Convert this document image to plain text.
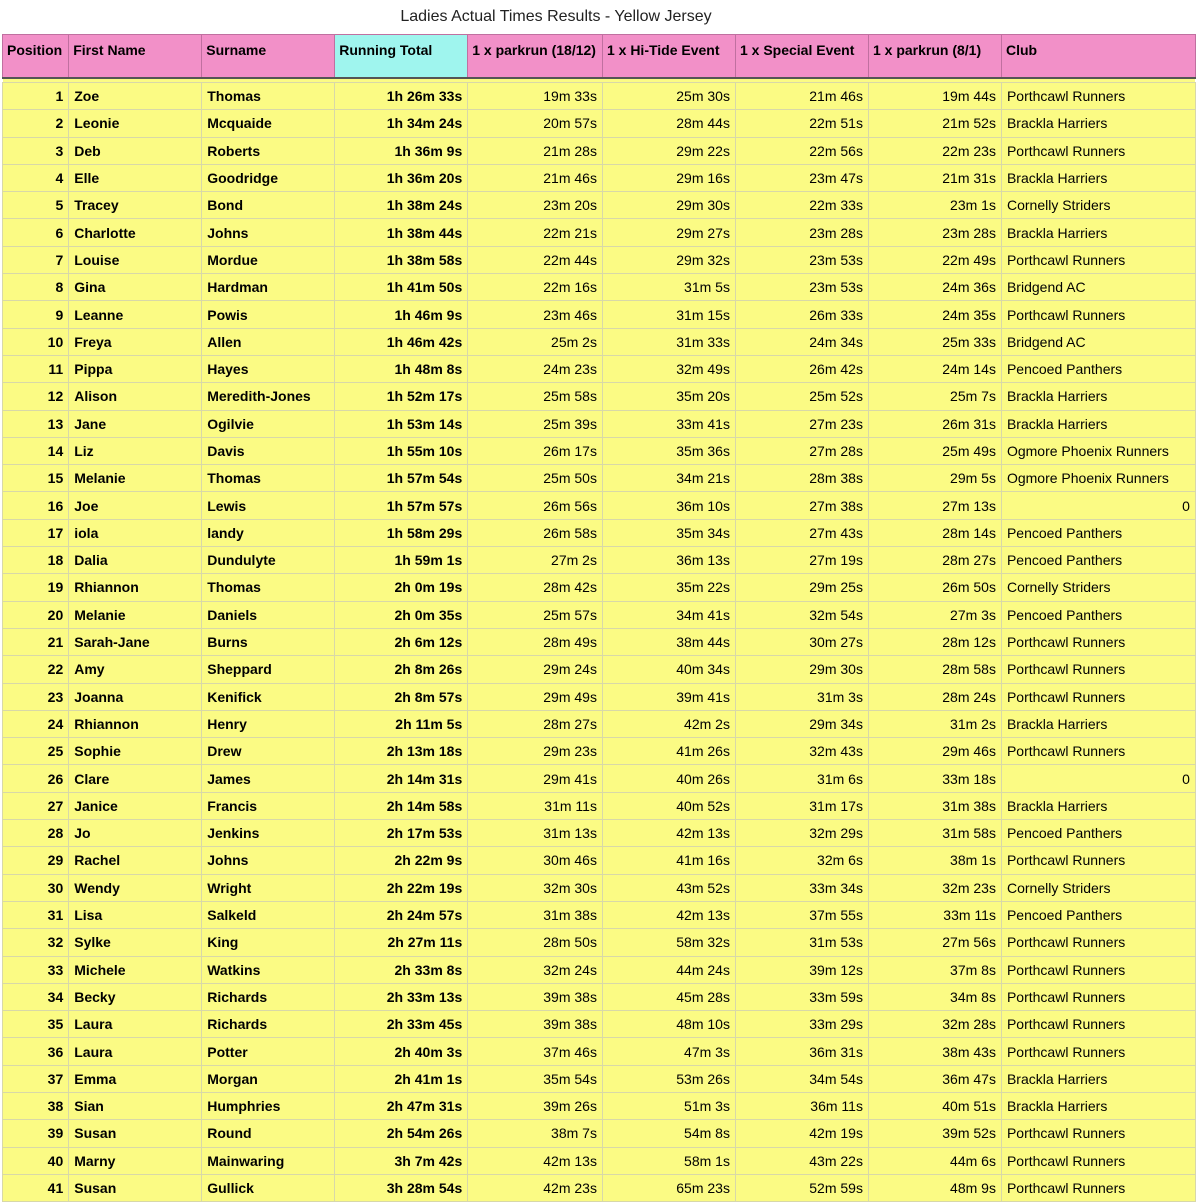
Ladies Actual Times Results - Yellow Jersey
Position	First Name	Surname	Running Total	1 x parkrun (18/12)	1 x Hi-Tide Event	1 x Special Event	1 x parkrun (8/1)	Club

1	Zoe	Thomas	1h 26m 33s	19m 33s	25m 30s	21m 46s	19m 44s	Porthcawl Runners
2	Leonie	Mcquaide	1h 34m 24s	20m 57s	28m 44s	22m 51s	21m 52s	Brackla Harriers
3	Deb	Roberts	1h 36m 9s	21m 28s	29m 22s	22m 56s	22m 23s	Porthcawl Runners
4	Elle	Goodridge	1h 36m 20s	21m 46s	29m 16s	23m 47s	21m 31s	Brackla Harriers
5	Tracey	Bond	1h 38m 24s	23m 20s	29m 30s	22m 33s	23m 1s	Cornelly Striders
6	Charlotte	Johns	1h 38m 44s	22m 21s	29m 27s	23m 28s	23m 28s	Brackla Harriers
7	Louise	Mordue	1h 38m 58s	22m 44s	29m 32s	23m 53s	22m 49s	Porthcawl Runners
8	Gina	Hardman	1h 41m 50s	22m 16s	31m 5s	23m 53s	24m 36s	Bridgend AC
9	Leanne	Powis	1h 46m 9s	23m 46s	31m 15s	26m 33s	24m 35s	Porthcawl Runners
10	Freya	Allen	1h 46m 42s	25m 2s	31m 33s	24m 34s	25m 33s	Bridgend AC
11	Pippa	Hayes	1h 48m 8s	24m 23s	32m 49s	26m 42s	24m 14s	Pencoed Panthers
12	Alison	Meredith-Jones	1h 52m 17s	25m 58s	35m 20s	25m 52s	25m 7s	Brackla Harriers
13	Jane	Ogilvie	1h 53m 14s	25m 39s	33m 41s	27m 23s	26m 31s	Brackla Harriers
14	Liz	Davis	1h 55m 10s	26m 17s	35m 36s	27m 28s	25m 49s	Ogmore Phoenix Runners
15	Melanie	Thomas	1h 57m 54s	25m 50s	34m 21s	28m 38s	29m 5s	Ogmore Phoenix Runners
16	Joe	Lewis	1h 57m 57s	26m 56s	36m 10s	27m 38s	27m 13s	0
17	iola	landy	1h 58m 29s	26m 58s	35m 34s	27m 43s	28m 14s	Pencoed Panthers
18	Dalia	Dundulyte	1h 59m 1s	27m 2s	36m 13s	27m 19s	28m 27s	Pencoed Panthers
19	Rhiannon	Thomas	2h 0m 19s	28m 42s	35m 22s	29m 25s	26m 50s	Cornelly Striders
20	Melanie	Daniels	2h 0m 35s	25m 57s	34m 41s	32m 54s	27m 3s	Pencoed Panthers
21	Sarah-Jane	Burns	2h 6m 12s	28m 49s	38m 44s	30m 27s	28m 12s	Porthcawl Runners
22	Amy	Sheppard	2h 8m 26s	29m 24s	40m 34s	29m 30s	28m 58s	Porthcawl Runners
23	Joanna	Kenifick	2h 8m 57s	29m 49s	39m 41s	31m 3s	28m 24s	Porthcawl Runners
24	Rhiannon	Henry	2h 11m 5s	28m 27s	42m 2s	29m 34s	31m 2s	Brackla Harriers
25	Sophie	Drew	2h 13m 18s	29m 23s	41m 26s	32m 43s	29m 46s	Porthcawl Runners
26	Clare	James	2h 14m 31s	29m 41s	40m 26s	31m 6s	33m 18s	0
27	Janice	Francis	2h 14m 58s	31m 11s	40m 52s	31m 17s	31m 38s	Brackla Harriers
28	Jo	Jenkins	2h 17m 53s	31m 13s	42m 13s	32m 29s	31m 58s	Pencoed Panthers
29	Rachel	Johns	2h 22m 9s	30m 46s	41m 16s	32m 6s	38m 1s	Porthcawl Runners
30	Wendy	Wright	2h 22m 19s	32m 30s	43m 52s	33m 34s	32m 23s	Cornelly Striders
31	Lisa	Salkeld	2h 24m 57s	31m 38s	42m 13s	37m 55s	33m 11s	Pencoed Panthers
32	Sylke	King	2h 27m 11s	28m 50s	58m 32s	31m 53s	27m 56s	Porthcawl Runners
33	Michele	Watkins	2h 33m 8s	32m 24s	44m 24s	39m 12s	37m 8s	Porthcawl Runners
34	Becky	Richards	2h 33m 13s	39m 38s	45m 28s	33m 59s	34m 8s	Porthcawl Runners
35	Laura	Richards	2h 33m 45s	39m 38s	48m 10s	33m 29s	32m 28s	Porthcawl Runners
36	Laura	Potter	2h 40m 3s	37m 46s	47m 3s	36m 31s	38m 43s	Porthcawl Runners
37	Emma	Morgan	2h 41m 1s	35m 54s	53m 26s	34m 54s	36m 47s	Brackla Harriers
38	Sian	Humphries	2h 47m 31s	39m 26s	51m 3s	36m 11s	40m 51s	Brackla Harriers
39	Susan	Round	2h 54m 26s	38m 7s	54m 8s	42m 19s	39m 52s	Porthcawl Runners
40	Marny	Mainwaring	3h 7m 42s	42m 13s	58m 1s	43m 22s	44m 6s	Porthcawl Runners
41	Susan	Gullick	3h 28m 54s	42m 23s	65m 23s	52m 59s	48m 9s	Porthcawl Runners
